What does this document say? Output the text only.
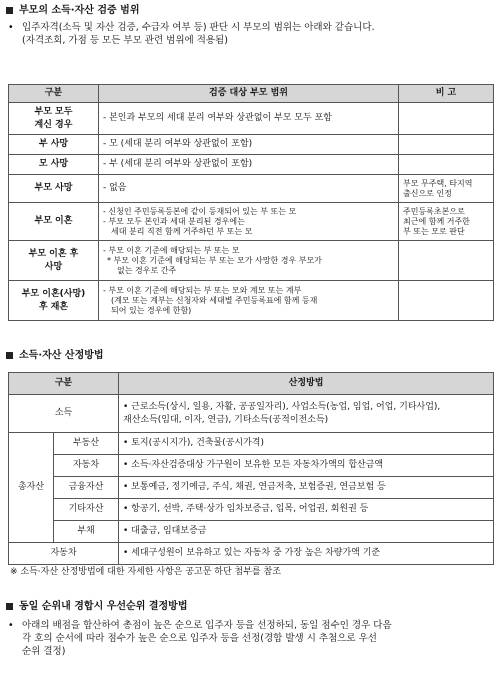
부모의 소득·자산 검증 범위
• 입주자격(소득 및 자산 검증, 수급자 여부 등) 판단 시 부모의 범위는 아래와 같습니다.
(자격조회, 가점 등 모든 부모 관련 범위에 적용됨)
구분	검증 대상 부모 범위	비 고

부모 모두
계신 경우	- 본인과 부모의 세대 분리 여부와 상관없이 부모 모두 포함	

부 사망	- 모 (세대 분리 여부와 상관없이 포함)	
모 사망	- 부 (세대 분리 여부와 상관없이 포함)	
부모 사망	- 없음	부모 무주택, 타지역
출신으로 인정

부모 이혼	- 신청인 주민등록등본에 같이 등재되어 있는 부 또는 모
- 부모 모두 본인과 세대 분리된 경우에는
세대 분리 직전 함께 거주하던 부 또는 모	주민등록초본으로
최근에 함께 거주한
부 또는 모로 판단

부모 이혼 후
사망	- 부모 이혼 기준에 해당되는 부 또는 모
* 부모 이혼 기준에 해당되는 부 또는 모가 사망한 경우 부모가
없는 경우로 간주	

부모 이혼(사망)
후 재혼	- 부모 이혼 기준에 해당되는 부 또는 모와 계모 또는 계부
(계모 또는 계부는 신청자와 세대별 주민등록표에 함께 등재
되어 있는 경우에 한함)	

소득·자산 산정방법
구분		산정방법
소득		• 근로소득(상시, 일용, 자활, 공공일자리), 사업소득(농업, 임업, 어업, 기타사업),
재산소득(임대, 이자, 연금), 기타소득(공적이전소득)

총자산	부동산	• 토지(공시지가), 건축물(공시가격)
	자동차	• 소득·자산검증대상 가구원이 보유한 모든 자동차가액의 합산금액
	금융자산	• 보통예금, 정기예금, 주식, 채권, 연금저축, 보험증권, 연금보험 등
	기타자산	• 항공기, 선박, 주택·상가 임차보증금, 입목, 어업권, 회원권 등
	부채	• 대출금, 임대보증금
자동차		• 세대구성원이 보유하고 있는 자동차 중 가장 높은 차량가액 기준
※ 소득·자산 산정방법에 대한 자세한 사항은 공고문 하단 첨부를 참조
동일 순위내 경합시 우선순위 결정방법
• 아래의 배점을 합산하여 총점이 높은 순으로 입주자 등을 선정하되, 동일 점수인 경우 다음
각 호의 순서에 따라 점수가 높은 순으로 입주자 등을 선정(경합 발생 시 추첨으로 우선
순위 결정)
